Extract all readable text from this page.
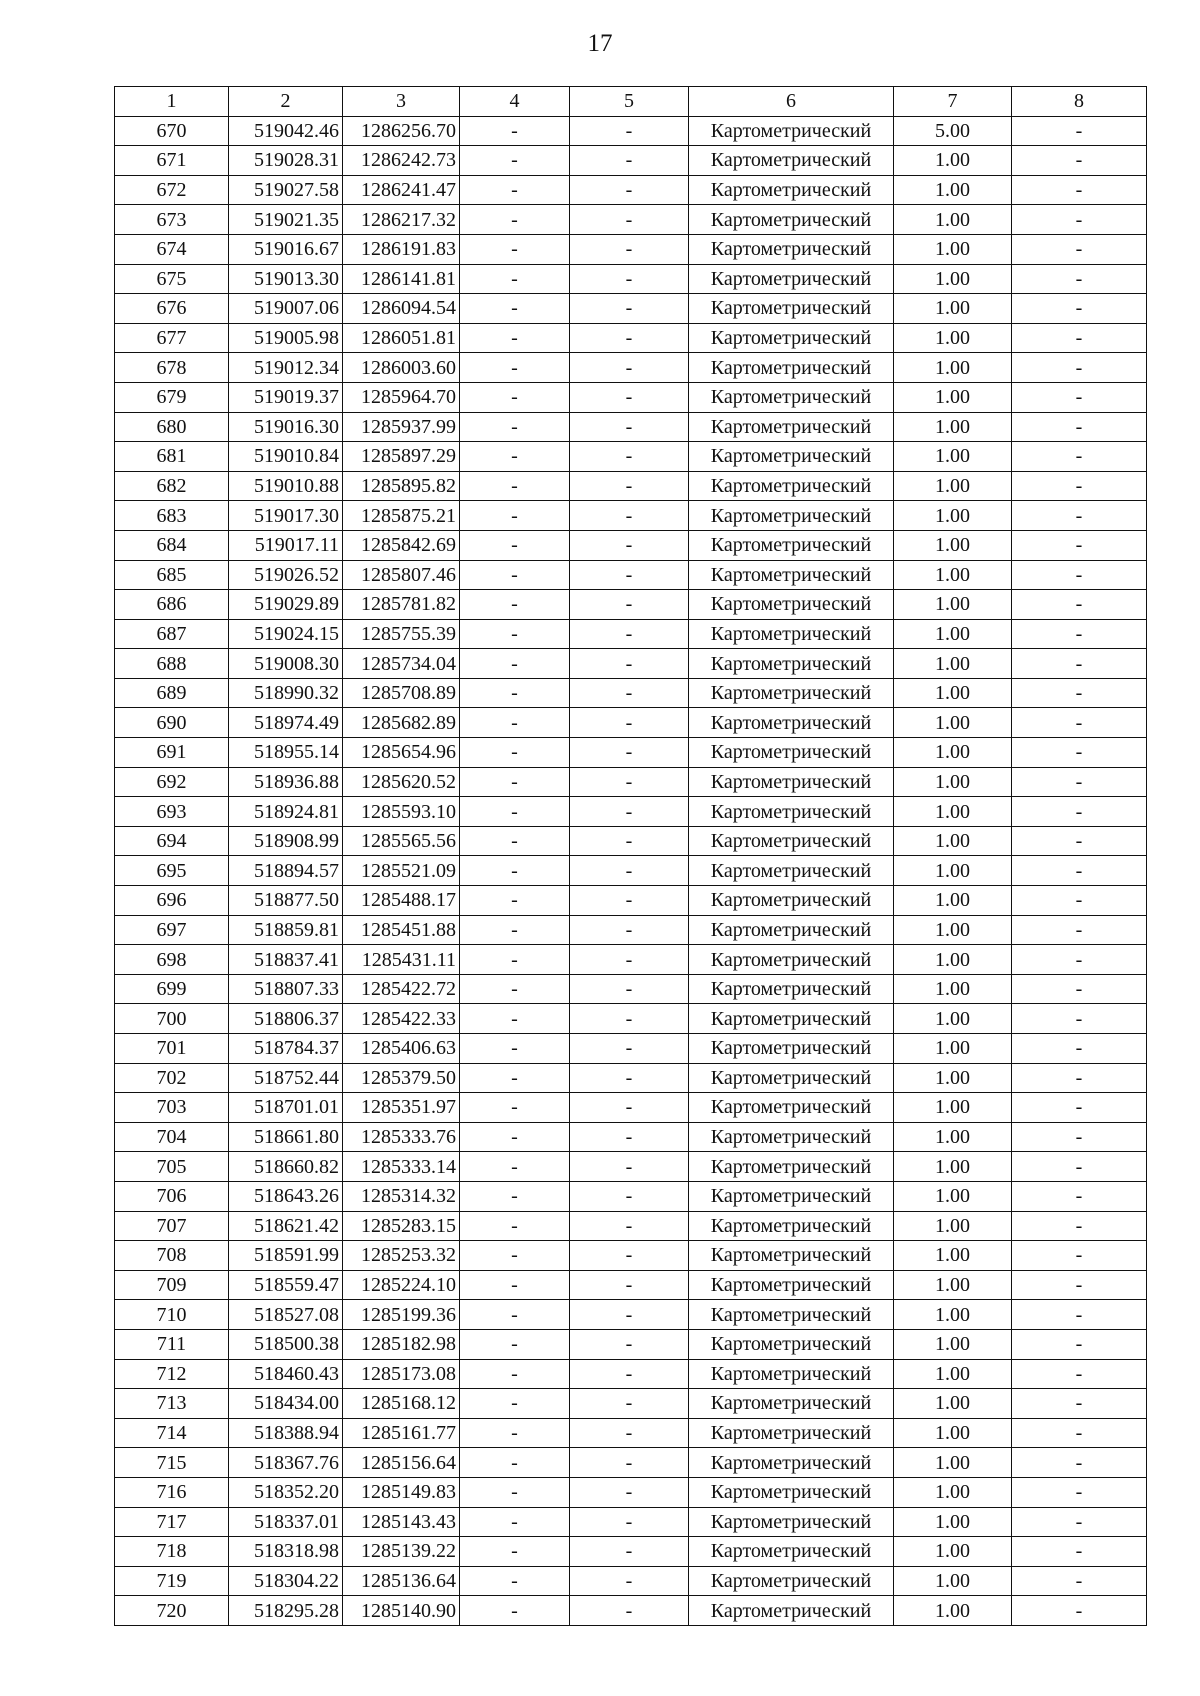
17
1	2	3	4	5	6	7	8
670	519042.46	1286256.70	-	-	Картометрический	5.00	-
671	519028.31	1286242.73	-	-	Картометрический	1.00	-
672	519027.58	1286241.47	-	-	Картометрический	1.00	-
673	519021.35	1286217.32	-	-	Картометрический	1.00	-
674	519016.67	1286191.83	-	-	Картометрический	1.00	-
675	519013.30	1286141.81	-	-	Картометрический	1.00	-
676	519007.06	1286094.54	-	-	Картометрический	1.00	-
677	519005.98	1286051.81	-	-	Картометрический	1.00	-
678	519012.34	1286003.60	-	-	Картометрический	1.00	-
679	519019.37	1285964.70	-	-	Картометрический	1.00	-
680	519016.30	1285937.99	-	-	Картометрический	1.00	-
681	519010.84	1285897.29	-	-	Картометрический	1.00	-
682	519010.88	1285895.82	-	-	Картометрический	1.00	-
683	519017.30	1285875.21	-	-	Картометрический	1.00	-
684	519017.11	1285842.69	-	-	Картометрический	1.00	-
685	519026.52	1285807.46	-	-	Картометрический	1.00	-
686	519029.89	1285781.82	-	-	Картометрический	1.00	-
687	519024.15	1285755.39	-	-	Картометрический	1.00	-
688	519008.30	1285734.04	-	-	Картометрический	1.00	-
689	518990.32	1285708.89	-	-	Картометрический	1.00	-
690	518974.49	1285682.89	-	-	Картометрический	1.00	-
691	518955.14	1285654.96	-	-	Картометрический	1.00	-
692	518936.88	1285620.52	-	-	Картометрический	1.00	-
693	518924.81	1285593.10	-	-	Картометрический	1.00	-
694	518908.99	1285565.56	-	-	Картометрический	1.00	-
695	518894.57	1285521.09	-	-	Картометрический	1.00	-
696	518877.50	1285488.17	-	-	Картометрический	1.00	-
697	518859.81	1285451.88	-	-	Картометрический	1.00	-
698	518837.41	1285431.11	-	-	Картометрический	1.00	-
699	518807.33	1285422.72	-	-	Картометрический	1.00	-
700	518806.37	1285422.33	-	-	Картометрический	1.00	-
701	518784.37	1285406.63	-	-	Картометрический	1.00	-
702	518752.44	1285379.50	-	-	Картометрический	1.00	-
703	518701.01	1285351.97	-	-	Картометрический	1.00	-
704	518661.80	1285333.76	-	-	Картометрический	1.00	-
705	518660.82	1285333.14	-	-	Картометрический	1.00	-
706	518643.26	1285314.32	-	-	Картометрический	1.00	-
707	518621.42	1285283.15	-	-	Картометрический	1.00	-
708	518591.99	1285253.32	-	-	Картометрический	1.00	-
709	518559.47	1285224.10	-	-	Картометрический	1.00	-
710	518527.08	1285199.36	-	-	Картометрический	1.00	-
711	518500.38	1285182.98	-	-	Картометрический	1.00	-
712	518460.43	1285173.08	-	-	Картометрический	1.00	-
713	518434.00	1285168.12	-	-	Картометрический	1.00	-
714	518388.94	1285161.77	-	-	Картометрический	1.00	-
715	518367.76	1285156.64	-	-	Картометрический	1.00	-
716	518352.20	1285149.83	-	-	Картометрический	1.00	-
717	518337.01	1285143.43	-	-	Картометрический	1.00	-
718	518318.98	1285139.22	-	-	Картометрический	1.00	-
719	518304.22	1285136.64	-	-	Картометрический	1.00	-
720	518295.28	1285140.90	-	-	Картометрический	1.00	-
